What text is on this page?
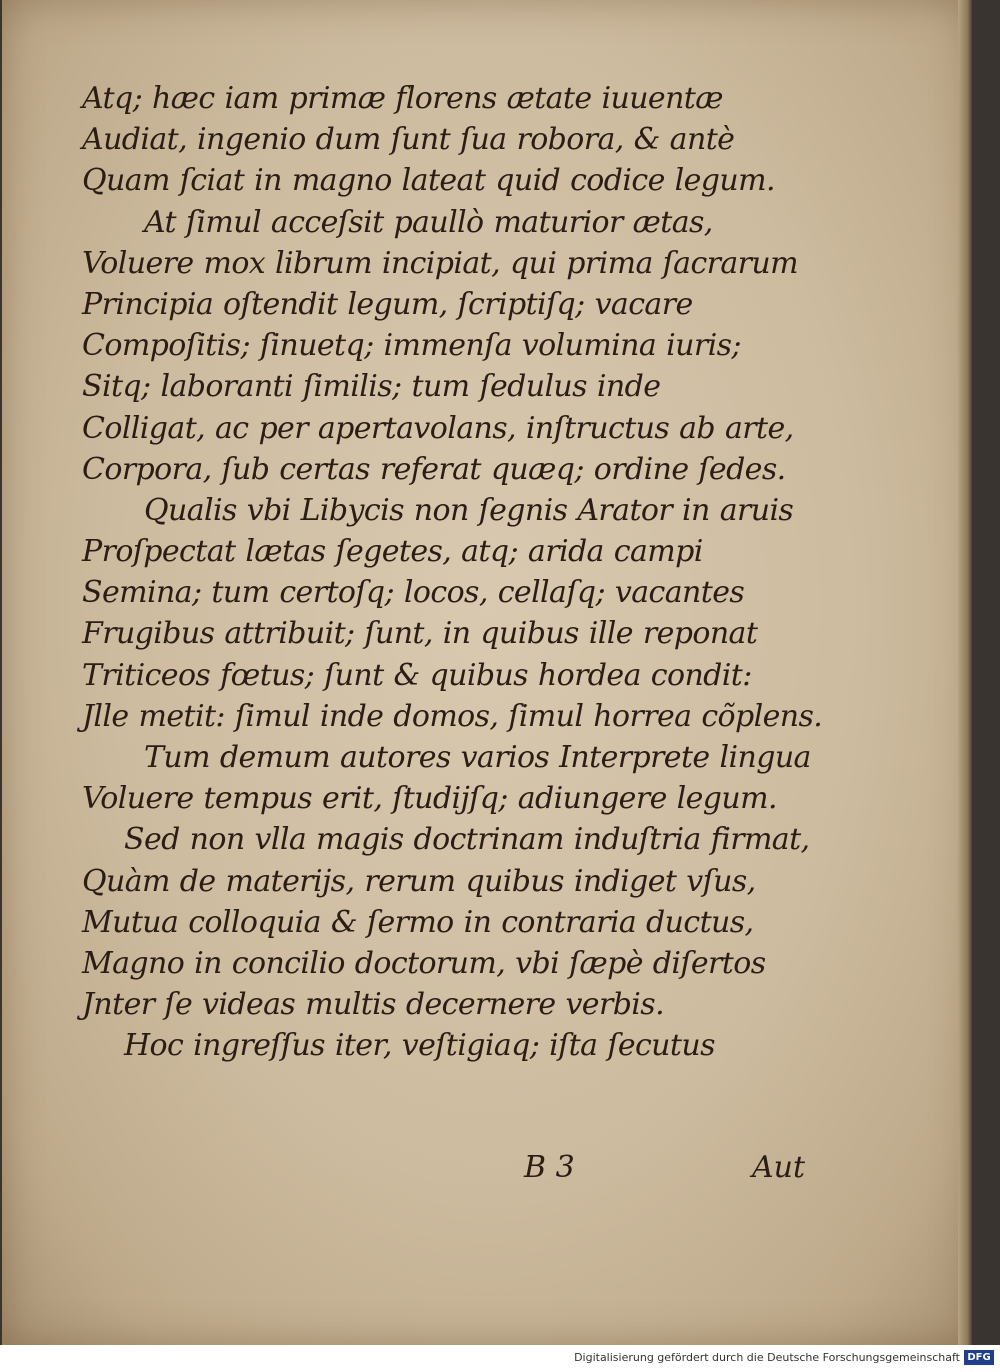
Atq; hæc iam primæ florens ætate iuuentæ
Audiat, ingenio dum ſunt ſua robora, & antè
Quam ſciat in magno lateat quid codice legum.
At ſimul acceſsit paullò maturior ætas,
Voluere mox librum incipiat, qui prima ſacrarum
Principia oſtendit legum, ſcriptiſq; vacare
Compoſitis; ſinuetq; immenſa volumina iuris;
Sitq; laboranti ſimilis; tum ſedulus inde
Colligat, ac per apertavolans, inſtructus ab arte,
Corpora, ſub certas referat quæq; ordine ſedes.
Qualis vbi Libycis non ſegnis Arator in aruis
Proſpectat lætas ſegetes, atq; arida campi
Semina; tum certoſq; locos, cellaſq; vacantes
Frugibus attribuit; ſunt, in quibus ille reponat
Triticeos fœtus; ſunt & quibus hordea condit:
Jlle metit: ſimul inde domos, ſimul horrea cõplens.
Tum demum autores varios Interprete lingua
Voluere tempus erit, ſtudijſq; adiungere legum.
Sed non vlla magis doctrinam induſtria firmat,
Quàm de materijs, rerum quibus indiget vſus,
Mutua colloquia & ſermo in contraria ductus,
Magno in concilio doctorum, vbi ſæpè diſertos
Jnter ſe videas multis decernere verbis.
Hoc ingreſſus iter, veſtigiaq; iſta ſecutus
B 3	Aut
Digitalisierung gefördert durch die Deutsche Forschungsgemeinschaft DFG
